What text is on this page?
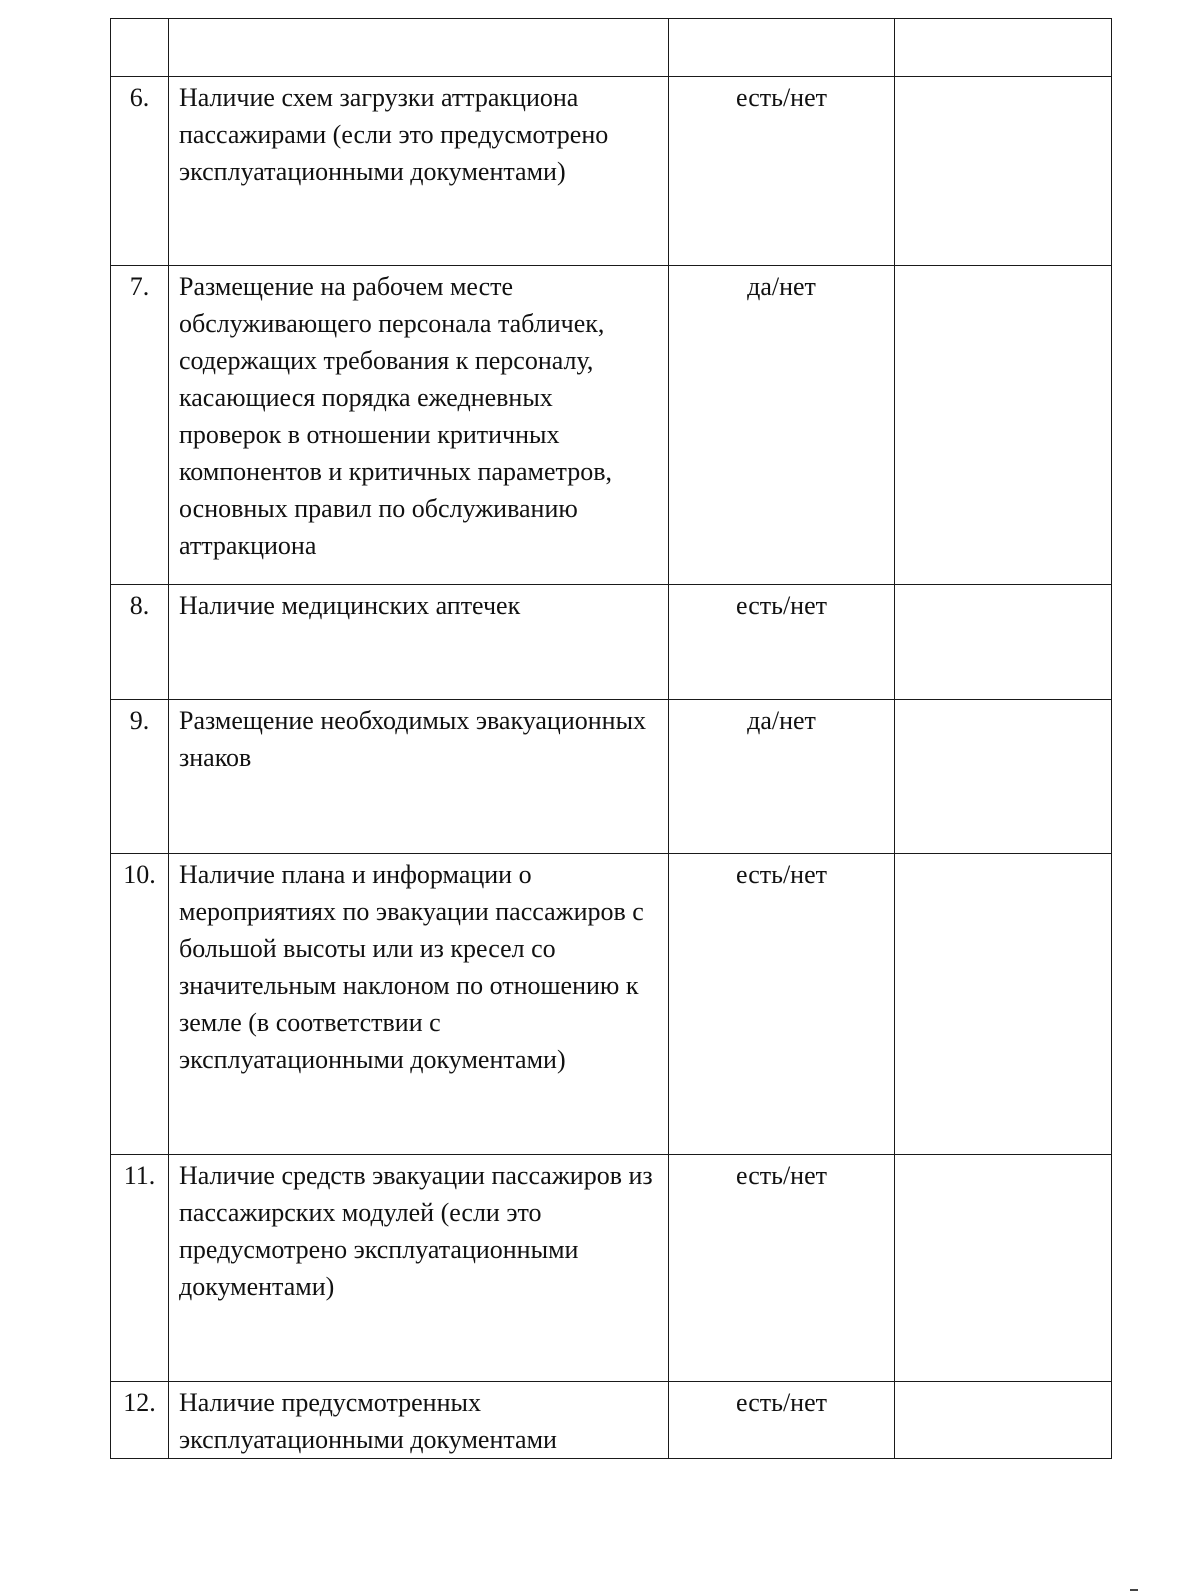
6.	Наличие схем загрузки аттракциона пассажирами (если это предусмотрено эксплуатационными документами)	есть/нет	
7.	Размещение на рабочем месте обслуживающего персонала табличек, содержащих требования к персоналу, касающиеся порядка ежедневных проверок в отношении критичных компонентов и критичных параметров, основных правил по обслуживанию аттракциона	да/нет	
8.	Наличие медицинских аптечек	есть/нет	
9.	Размещение необходимых эвакуационных знаков	да/нет	
10.	Наличие плана и информации о мероприятиях по эвакуации пассажиров с большой высоты или из кресел со значительным наклоном по отношению к земле (в соответствии с эксплуатационными документами)	есть/нет	
11.	Наличие средств эвакуации пассажиров из пассажирских модулей (если это предусмотрено эксплуатационными документами)	есть/нет	
12.	Наличие предусмотренных эксплуатационными документами	есть/нет	
